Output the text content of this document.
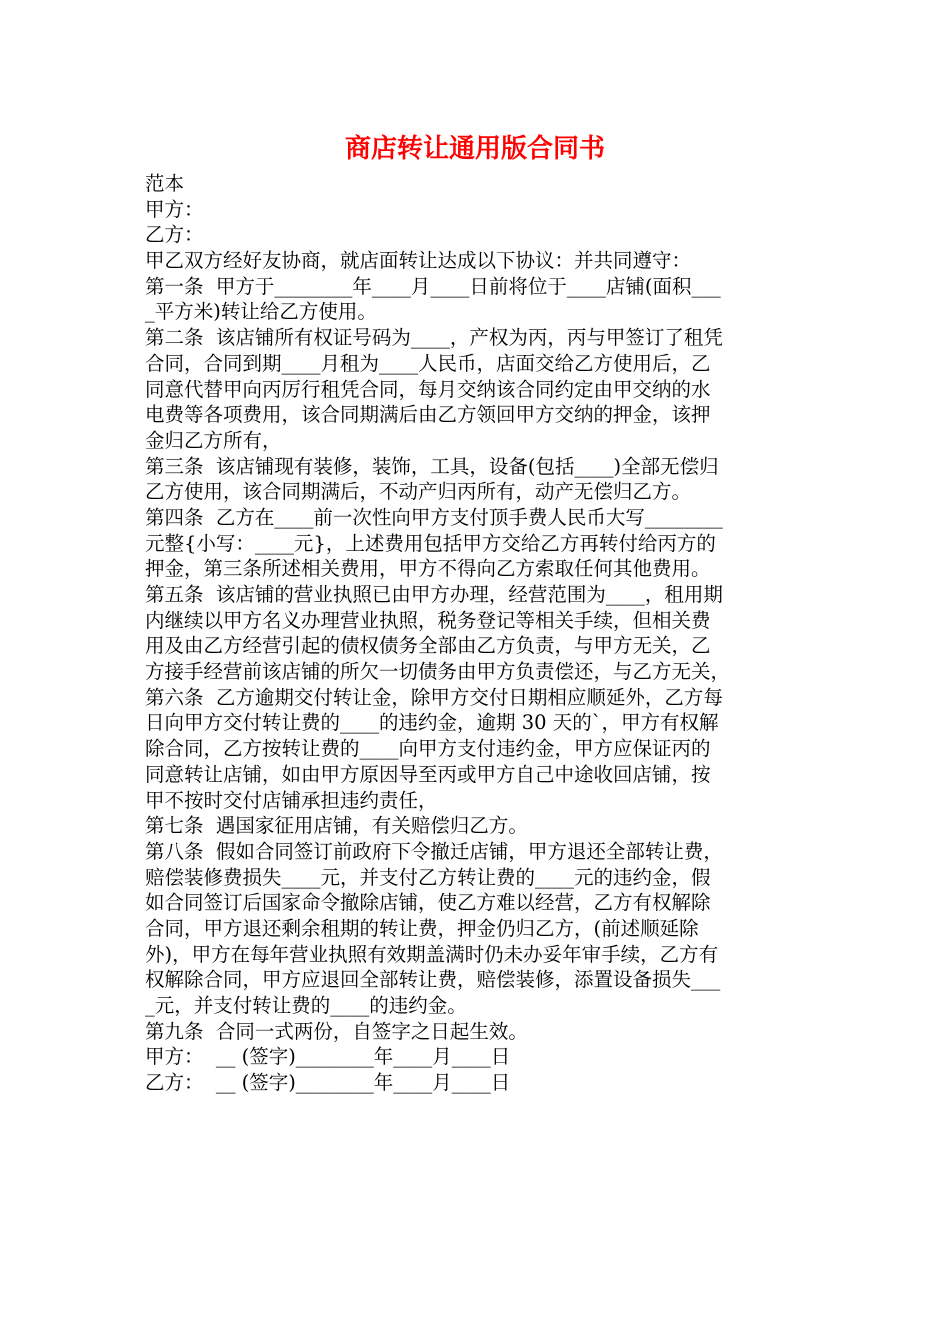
商店转让通用版合同书
范本
甲方：
乙方：
甲乙双方经好友协商，就店面转让达成以下协议：并共同遵守：
第一条  甲方于________年____月____日前将位于____店铺(面积___
_平方米)转让给乙方使用。
第二条  该店铺所有权证号码为____，产权为丙，丙与甲签订了租凭
合同，合同到期____月租为____人民币，店面交给乙方使用后，乙
同意代替甲向丙厉行租凭合同，每月交纳该合同约定由甲交纳的水
电费等各项费用，该合同期满后由乙方领回甲方交纳的押金，该押
金归乙方所有，
第三条  该店铺现有装修，装饰，工具，设备(包括____)全部无偿归
乙方使用，该合同期满后，不动产归丙所有，动产无偿归乙方。
第四条  乙方在____前一次性向甲方支付顶手费人民币大写________
元整{小写：____元}，上述费用包括甲方交给乙方再转付给丙方的
押金，第三条所述相关费用，甲方不得向乙方索取任何其他费用。
第五条  该店铺的营业执照已由甲方办理，经营范围为____，租用期
内继续以甲方名义办理营业执照，税务登记等相关手续，但相关费
用及由乙方经营引起的债权债务全部由乙方负责，与甲方无关，乙
方接手经营前该店铺的所欠一切债务由甲方负责偿还，与乙方无关，
第六条  乙方逾期交付转让金，除甲方交付日期相应顺延外，乙方每
日向甲方交付转让费的____的违约金，逾期 30 天的`，甲方有权解
除合同，乙方按转让费的____向甲方支付违约金，甲方应保证丙的
同意转让店铺，如由甲方原因导至丙或甲方自己中途收回店铺，按
甲不按时交付店铺承担违约责任，
第七条  遇国家征用店铺，有关赔偿归乙方。
第八条  假如合同签订前政府下令撤迁店铺，甲方退还全部转让费，
赔偿装修费损失____元，并支付乙方转让费的____元的违约金，假
如合同签订后国家命令撤除店铺，使乙方难以经营，乙方有权解除
合同，甲方退还剩余租期的转让费，押金仍归乙方，(前述顺延除
外)，甲方在每年营业执照有效期盖满时仍未办妥年审手续，乙方有
权解除合同，甲方应退回全部转让费，赔偿装修，添置设备损失___
_元，并支付转让费的____的违约金。
第九条  合同一式两份，自签字之日起生效。
甲方：  __ (签字)________年____月____日
乙方：  __ (签字)________年____月____日
